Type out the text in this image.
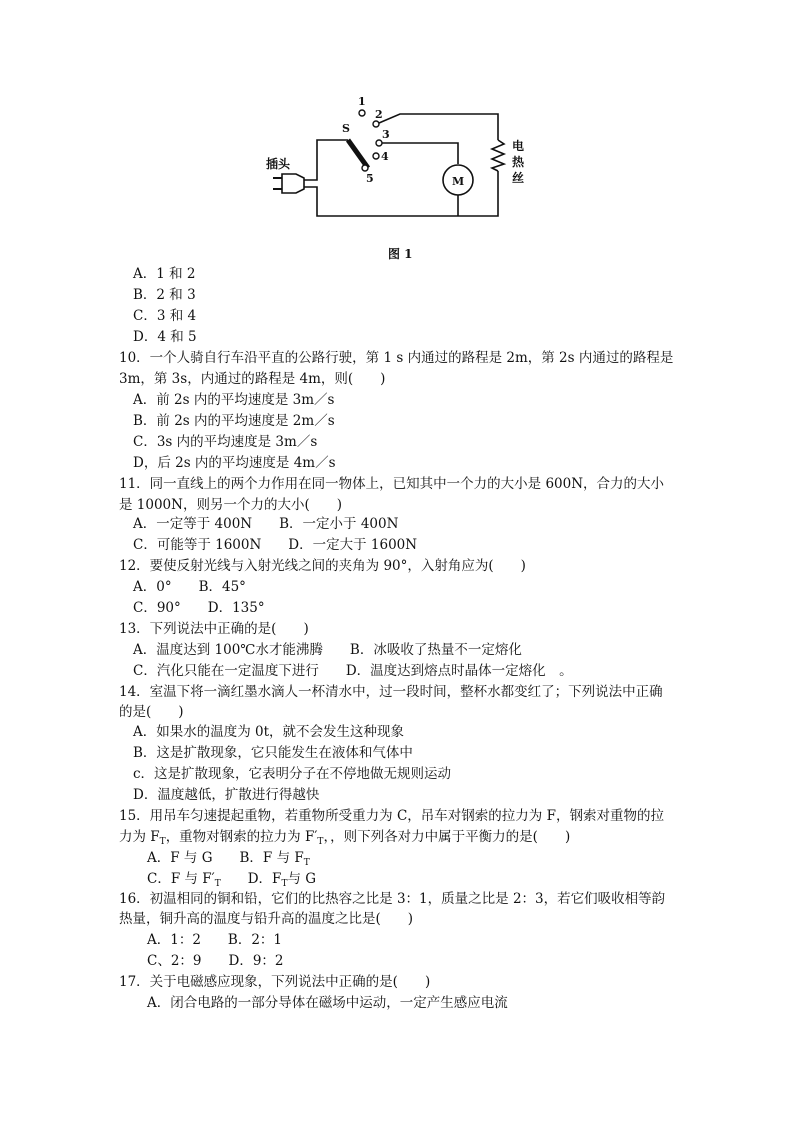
1
2
3
4
5
S
M
插头
电
热
丝
图 1
A．1 和 2
B．2 和 3
C．3 和 4
D．4 和 5
10．一个人骑自行车沿平直的公路行驶，第 1 s 内通过的路程是 2m，第 2s 内通过的路程是
3m，第 3s，内通过的路程是 4m，则(　　)
A．前 2s 内的平均速度是 3m／s
B．前 2s 内的平均速度是 2m／s
C．3s 内的平均速度是 3m／s
D，后 2s 内的平均速度是 4m／s
11．同一直线上的两个力作用在同一物体上，已知其中一个力的大小是 600N，合力的大小
是 1000N，则另一个力的大小(　　)
A．一定等于 400N　　B．一定小于 400N
C．可能等于 1600N　　D．一定大于 1600N
12．要使反射光线与入射光线之间的夹角为 90°，入射角应为(　　)
A．0°　　B．45°
C．90°　　D．135°
13．下列说法中正确的是(　　)
A．温度达到 100℃水才能沸腾　　B．冰吸收了热量不一定熔化
C．汽化只能在一定温度下进行　　D．温度达到熔点时晶体一定熔化　。
14．室温下将一滴红墨水滴人一杯清水中，过一段时间，整杯水都变红了；下列说法中正确
的是(　　)
A．如果水的温度为 0t，就不会发生这种现象
B．这是扩散现象，它只能发生在液体和气体中
c．这是扩散现象，它表明分子在不停地做无规则运动
D．温度越低，扩散进行得越快
15．用吊车匀速提起重物，若重物所受重力为 C，吊车对钢索的拉力为 F，钢索对重物的拉
力为 $F_T$，重物对钢索的拉力为 $F'_T$，，则下列各对力中属于平衡力的是(　　)
A．F 与 G　　 B．F 与 $F_T$
C．F 与 $F'_T$　　 D．$F_T$与 G
16．初温相同的铜和铅，它们的比热容之比是 3：1，质量之比是 2：3，若它们吸收相等韵
热量，铜升高的温度与铅升高的温度之比是(　　)
A．1：2　　B．2：1
C、2：9　　D．9：2
17．关于电磁感应现象，下列说法中正确的是(　　)
A．闭合电路的一部分导体在磁场中运动，一定产生感应电流
